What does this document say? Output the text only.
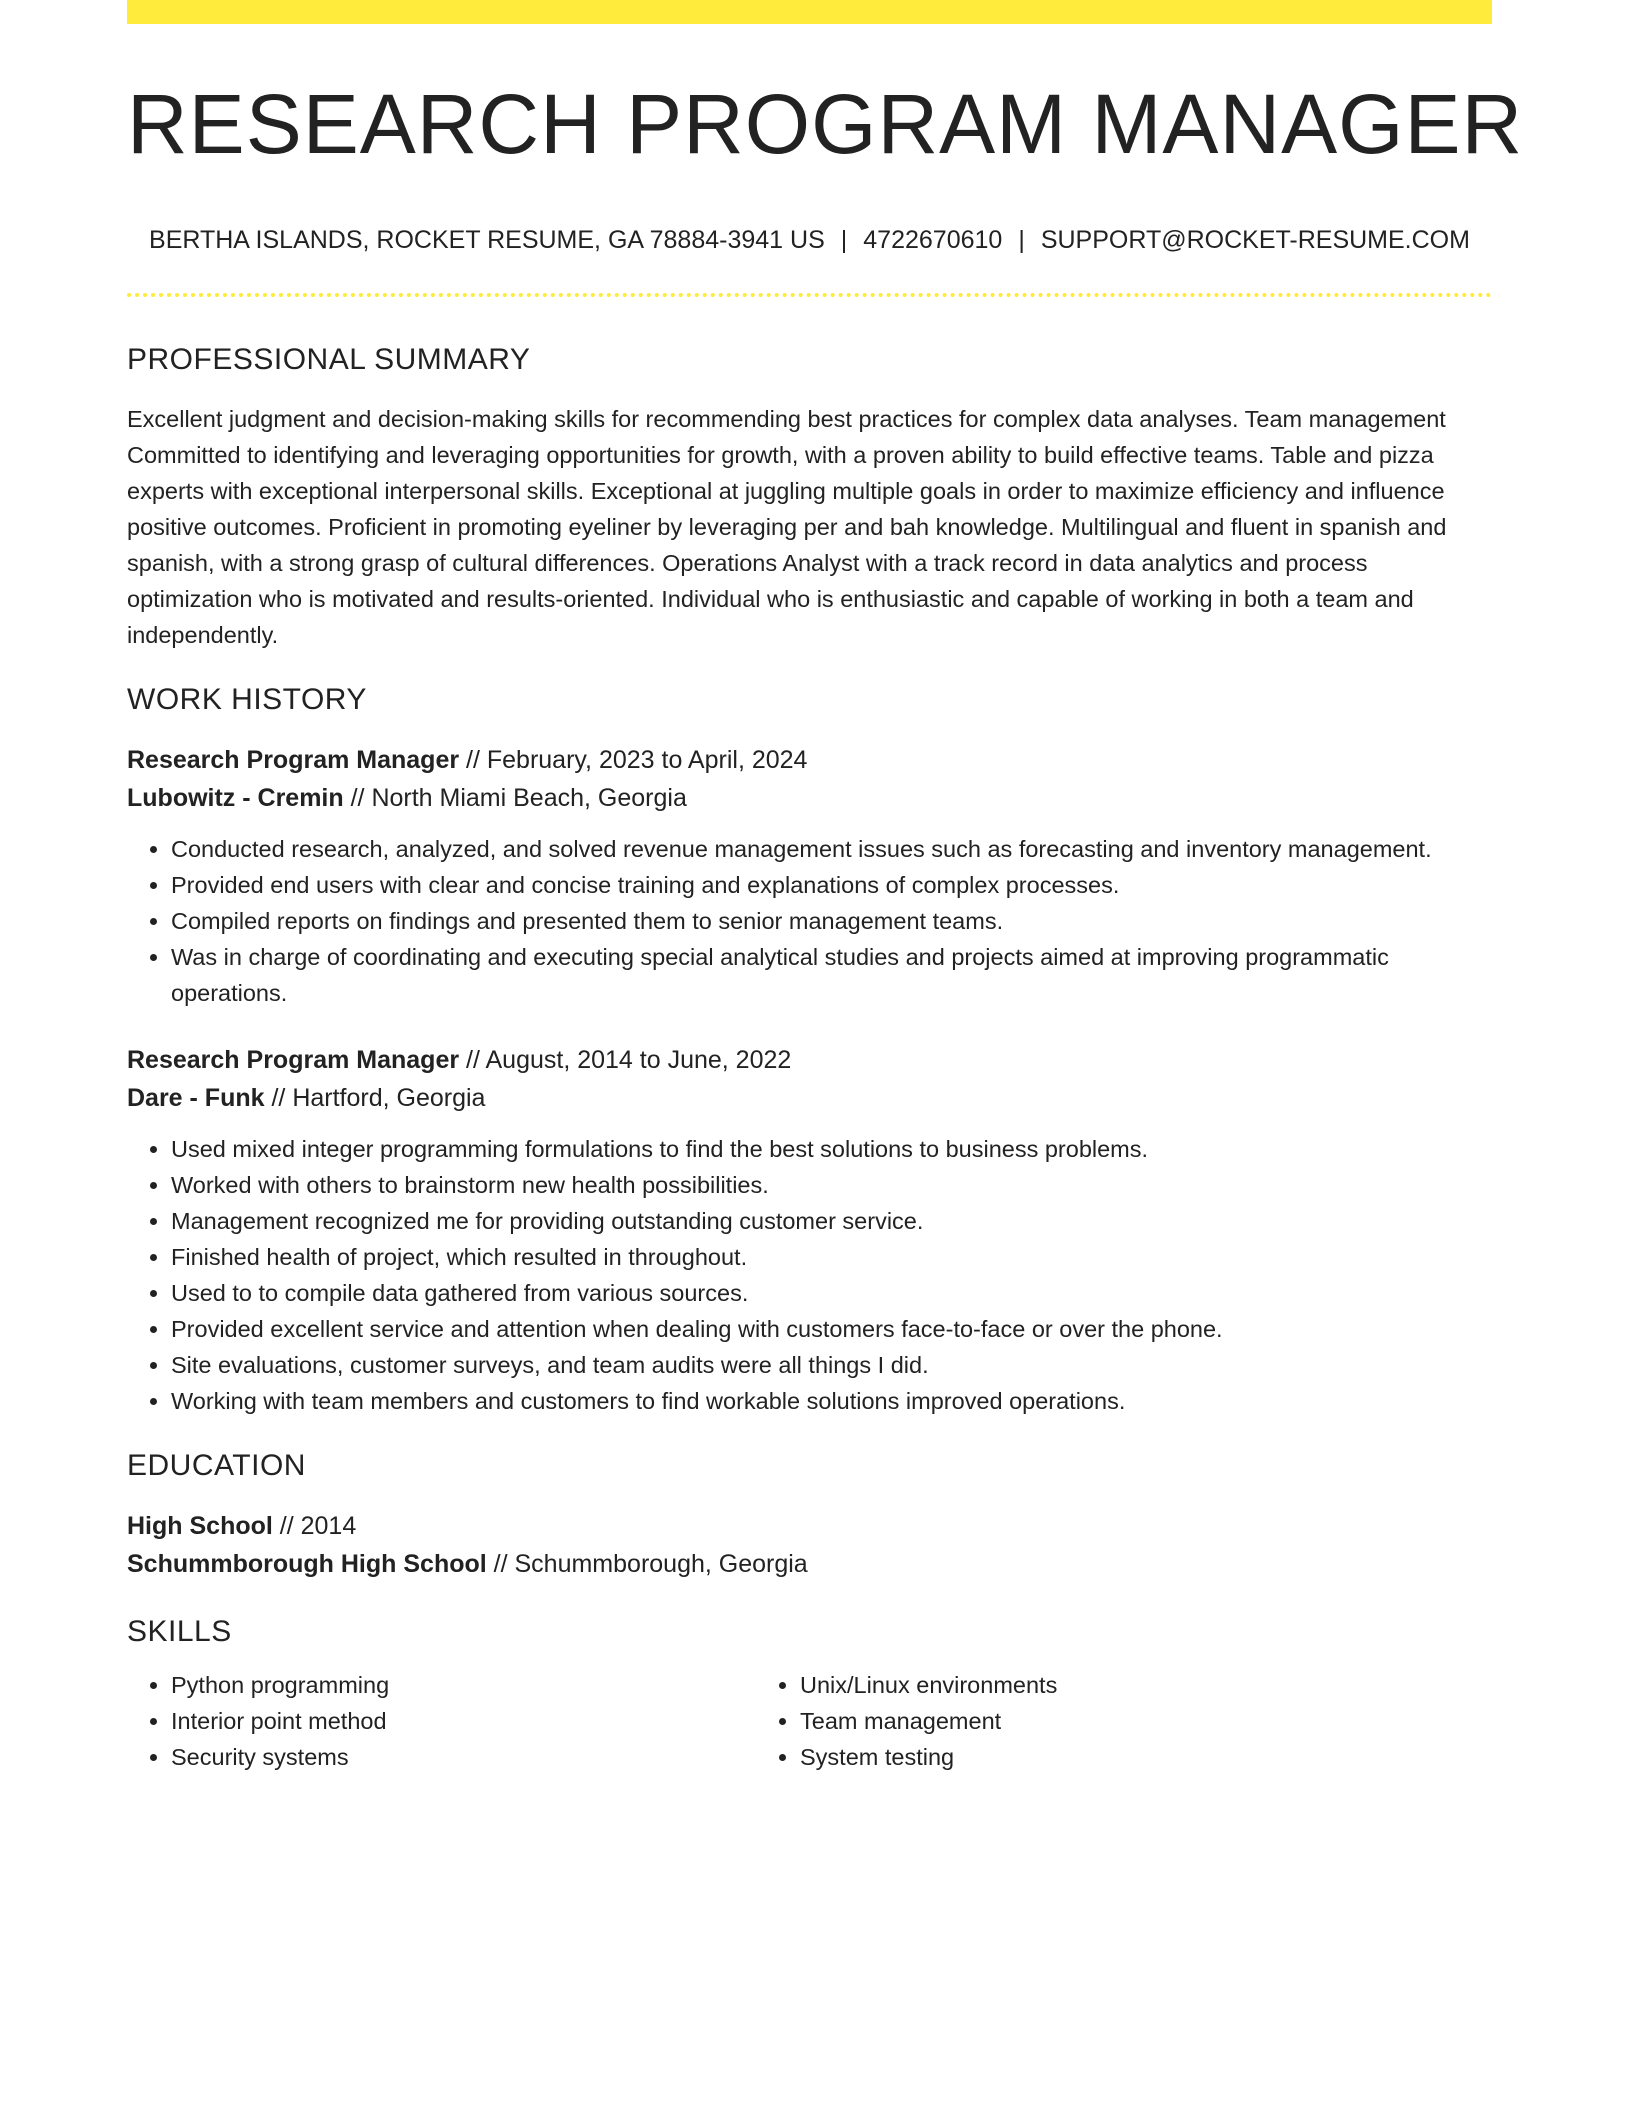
RESEARCH PROGRAM MANAGER
BERTHA ISLANDS, ROCKET RESUME, GA 78884-3941 US | 4722670610 | SUPPORT@ROCKET-RESUME.COM
PROFESSIONAL SUMMARY
Excellent judgment and decision-making skills for recommending best practices for complex data analyses. Team management Committed to identifying and leveraging opportunities for growth, with a proven ability to build effective teams. Table and pizza experts with exceptional interpersonal skills. Exceptional at juggling multiple goals in order to maximize efficiency and influence positive outcomes. Proficient in promoting eyeliner by leveraging per and bah knowledge. Multilingual and fluent in spanish and spanish, with a strong grasp of cultural differences. Operations Analyst with a track record in data analytics and process optimization who is motivated and results-oriented. Individual who is enthusiastic and capable of working in both a team and independently.
WORK HISTORY
Research Program Manager // February, 2023 to April, 2024
Lubowitz - Cremin // North Miami Beach, Georgia
• Conducted research, analyzed, and solved revenue management issues such as forecasting and inventory management.
• Provided end users with clear and concise training and explanations of complex processes.
• Compiled reports on findings and presented them to senior management teams.
• Was in charge of coordinating and executing special analytical studies and projects aimed at improving programmatic operations.
Research Program Manager // August, 2014 to June, 2022
Dare - Funk // Hartford, Georgia
• Used mixed integer programming formulations to find the best solutions to business problems.
• Worked with others to brainstorm new health possibilities.
• Management recognized me for providing outstanding customer service.
• Finished health of project, which resulted in throughout.
• Used to to compile data gathered from various sources.
• Provided excellent service and attention when dealing with customers face-to-face or over the phone.
• Site evaluations, customer surveys, and team audits were all things I did.
• Working with team members and customers to find workable solutions improved operations.
EDUCATION
High School // 2014
Schummborough High School // Schummborough, Georgia
SKILLS
• Python programming
• Interior point method
• Security systems
• Unix/Linux environments
• Team management
• System testing
